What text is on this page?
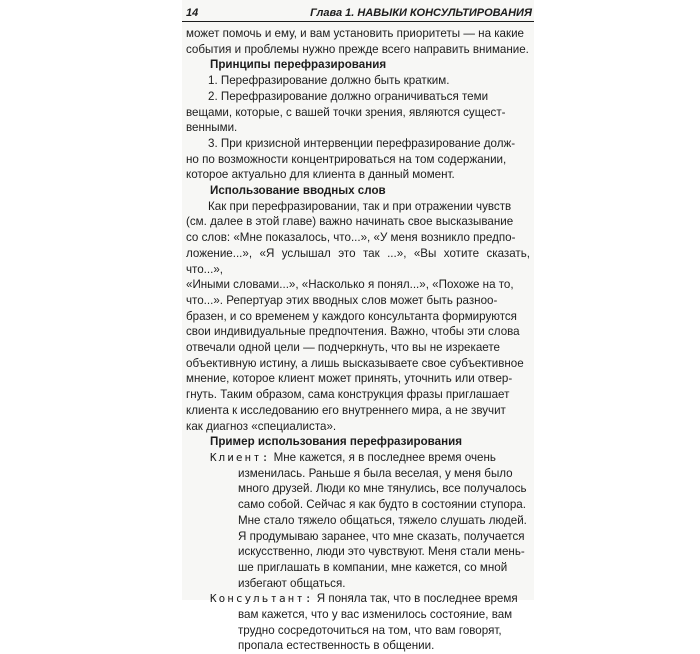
14	Глава 1. НАВЫКИ КОНСУЛЬТИРОВАНИЯ

может помочь и ему, и вам установить приоритеты — на какие

события и проблемы нужно прежде всего направить внимание.

Принципы перефразирования

1. Перефразирование должно быть кратким.

2. Перефразирование должно ограничиваться теми

вещами, которые, с вашей точки зрения, являются сущест-

венными.

3. При кризисной интервенции перефразирование долж-

но по возможности концентрироваться на том содержании,

которое актуально для клиента в данный момент.

Использование вводных слов

Как при перефразировании, так и при отражении чувств

(см. далее в этой главе) важно начинать свое высказывание

со слов: «Мне показалось, что...», «У меня возникло предпо-

ложение...», «Я услышал это так ...», «Вы хотите сказать, что...»,

«Иными словами...», «Насколько я понял...», «Похоже на то,

что...». Репертуар этих вводных слов может быть разноо-

бразен, и со временем у каждого консультанта формируются

свои индивидуальные предпочтения. Важно, чтобы эти слова

отвечали одной цели — подчеркнуть, что вы не изрекаете

объективную истину, а лишь высказываете свое субъективное

мнение, которое клиент может принять, уточнить или отвер-

гнуть. Таким образом, сама конструкция фразы приглашает

клиента к исследованию его внутреннего мира, а не звучит

как диагноз «специалиста».

Пример использования перефразирования

Клиент: Мне кажется, я в последнее время очень

изменилась. Раньше я была веселая, у меня было

много друзей. Люди ко мне тянулись, все получалось

само собой. Сейчас я как будто в состоянии ступора.

Мне стало тяжело общаться, тяжело слушать людей.

Я продумываю заранее, что мне сказать, получается

искусственно, люди это чувствуют. Меня стали мень-

ше приглашать в компании, мне кажется, со мной

избегают общаться.

Консультант: Я поняла так, что в последнее время

вам кажется, что у вас изменилось состояние, вам

трудно сосредоточиться на том, что вам говорят,

пропала естественность в общении.
